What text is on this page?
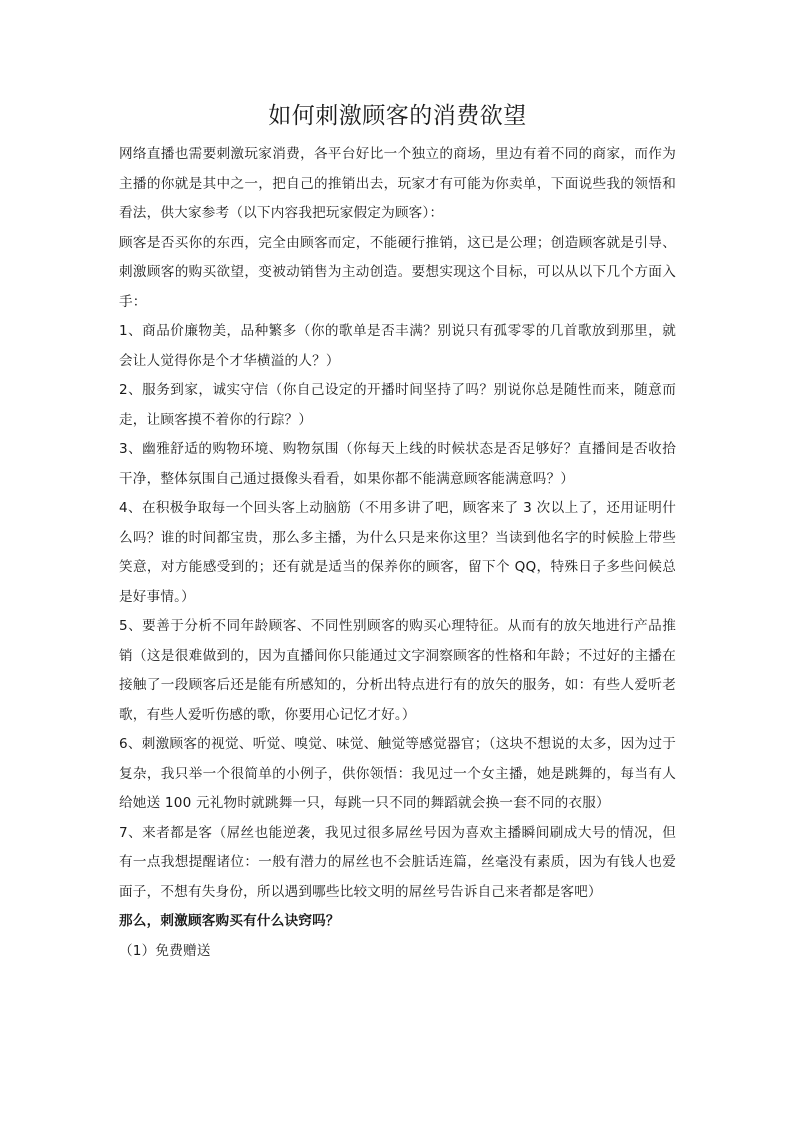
如何刺激顾客的消费欲望

网络直播也需要刺激玩家消费，各平台好比一个独立的商场，里边有着不同的商家，而作为主播的你就是其中之一，把自己的推销出去，玩家才有可能为你卖单，下面说些我的领悟和看法，供大家参考（以下内容我把玩家假定为顾客）：

顾客是否买你的东西，完全由顾客而定，不能硬行推销，这已是公理；创造顾客就是引导、刺激顾客的购买欲望，变被动销售为主动创造。要想实现这个目标，可以从以下几个方面入手：

1、商品价廉物美，品种繁多（你的歌单是否丰满？别说只有孤零零的几首歌放到那里，就会让人觉得你是个才华横溢的人？）

2、服务到家，诚实守信（你自己设定的开播时间坚持了吗？别说你总是随性而来，随意而走，让顾客摸不着你的行踪？）

3、幽雅舒适的购物环境、购物氛围（你每天上线的时候状态是否足够好？直播间是否收拾干净，整体氛围自己通过摄像头看看，如果你都不能满意顾客能满意吗？）

4、在积极争取每一个回头客上动脑筋（不用多讲了吧，顾客来了 3 次以上了，还用证明什么吗？谁的时间都宝贵，那么多主播，为什么只是来你这里？当读到他名字的时候脸上带些笑意，对方能感受到的；还有就是适当的保养你的顾客，留下个 QQ，特殊日子多些问候总是好事情。）

5、要善于分析不同年龄顾客、不同性别顾客的购买心理特征。从而有的放矢地进行产品推销（这是很难做到的，因为直播间你只能通过文字洞察顾客的性格和年龄；不过好的主播在接触了一段顾客后还是能有所感知的，分析出特点进行有的放矢的服务，如：有些人爱听老歌，有些人爱听伤感的歌，你要用心记忆才好。）

6、刺激顾客的视觉、听觉、嗅觉、味觉、触觉等感觉器官；（这块不想说的太多，因为过于复杂，我只举一个很简单的小例子，供你领悟：我见过一个女主播，她是跳舞的，每当有人给她送 100 元礼物时就跳舞一只，每跳一只不同的舞蹈就会换一套不同的衣服）

7、来者都是客（屌丝也能逆袭，我见过很多屌丝号因为喜欢主播瞬间刷成大号的情况，但有一点我想提醒诸位：一般有潜力的屌丝也不会脏话连篇，丝毫没有素质，因为有钱人也爱面子，不想有失身份，所以遇到哪些比较文明的屌丝号告诉自己来者都是客吧）

那么，刺激顾客购买有什么诀窍吗？

（1）免费赠送
